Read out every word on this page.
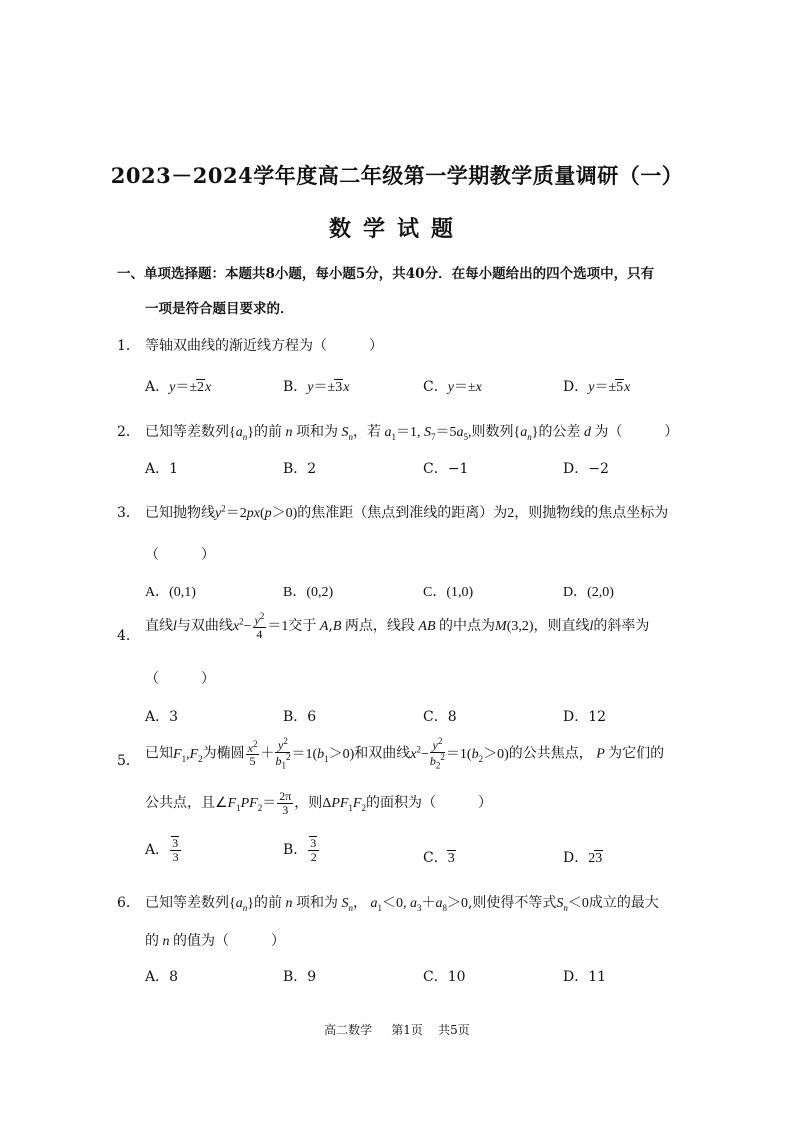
2023－2024学年度高二年级第一学期教学质量调研（一）
数学试题
一、单项选择题：本题共8小题，每小题5分，共40分．在每小题给出的四个选项中，只有
一项是符合题目要求的．
1． 等轴双曲线的渐近线方程为（　　　）
A．y＝±2x	B．y＝±3x	C．y＝±x	D．y＝±5x
2． 已知等差数列$\{a_n\}$的前 n 项和为 $S_n$，若 $a_1=1$, $S_7=5a_5$,则数列$\{a_n\}$的公差 d 为（　　　）
A．1	B．2	C．−1	D．−2
3． 已知抛物线$y^2=2px(p>0)$的焦准距（焦点到准线的距离）为2，则抛物线的焦点坐标为
（　　　）
A．(0,1)	B．(0,2)	C．(1,0)	D．(2,0)
4．
直线l与双曲线$x^2- \frac{y^2}{4} =1$交于 A,B 两点，线段 AB 的中点为M(3,2)，则直线l的斜率为
（　　　）
A．3	B．6	C．8	D．12
5． 已知$F_1,F_2$为椭圆 $\frac{x^2}{5} + \frac{y^2}{b_1^2} =1(b_1>0)$和双曲线$x^2- \frac{y^2}{b_2^2} =1(b_2>0)$的公共焦点， P 为它们的
公共点，且$\angle F_1PF_2= \frac{2\pi}{3}$ ，则$\Delta PF_1F_2$的面积为（　　　）
A． $\frac{3}{3}$	B． $\frac{3}{2}$	C．3	D．23
6． 已知等差数列$\{a_n\}$的前 n 项和为 $S_n$， $a_1<0$, $a_3+a_8>0$,则使得不等式$S_n<0$成立的最大
的 n 的值为（　　　）
A．8	B．9	C．10	D．11
高二数学 第1页 共5页
